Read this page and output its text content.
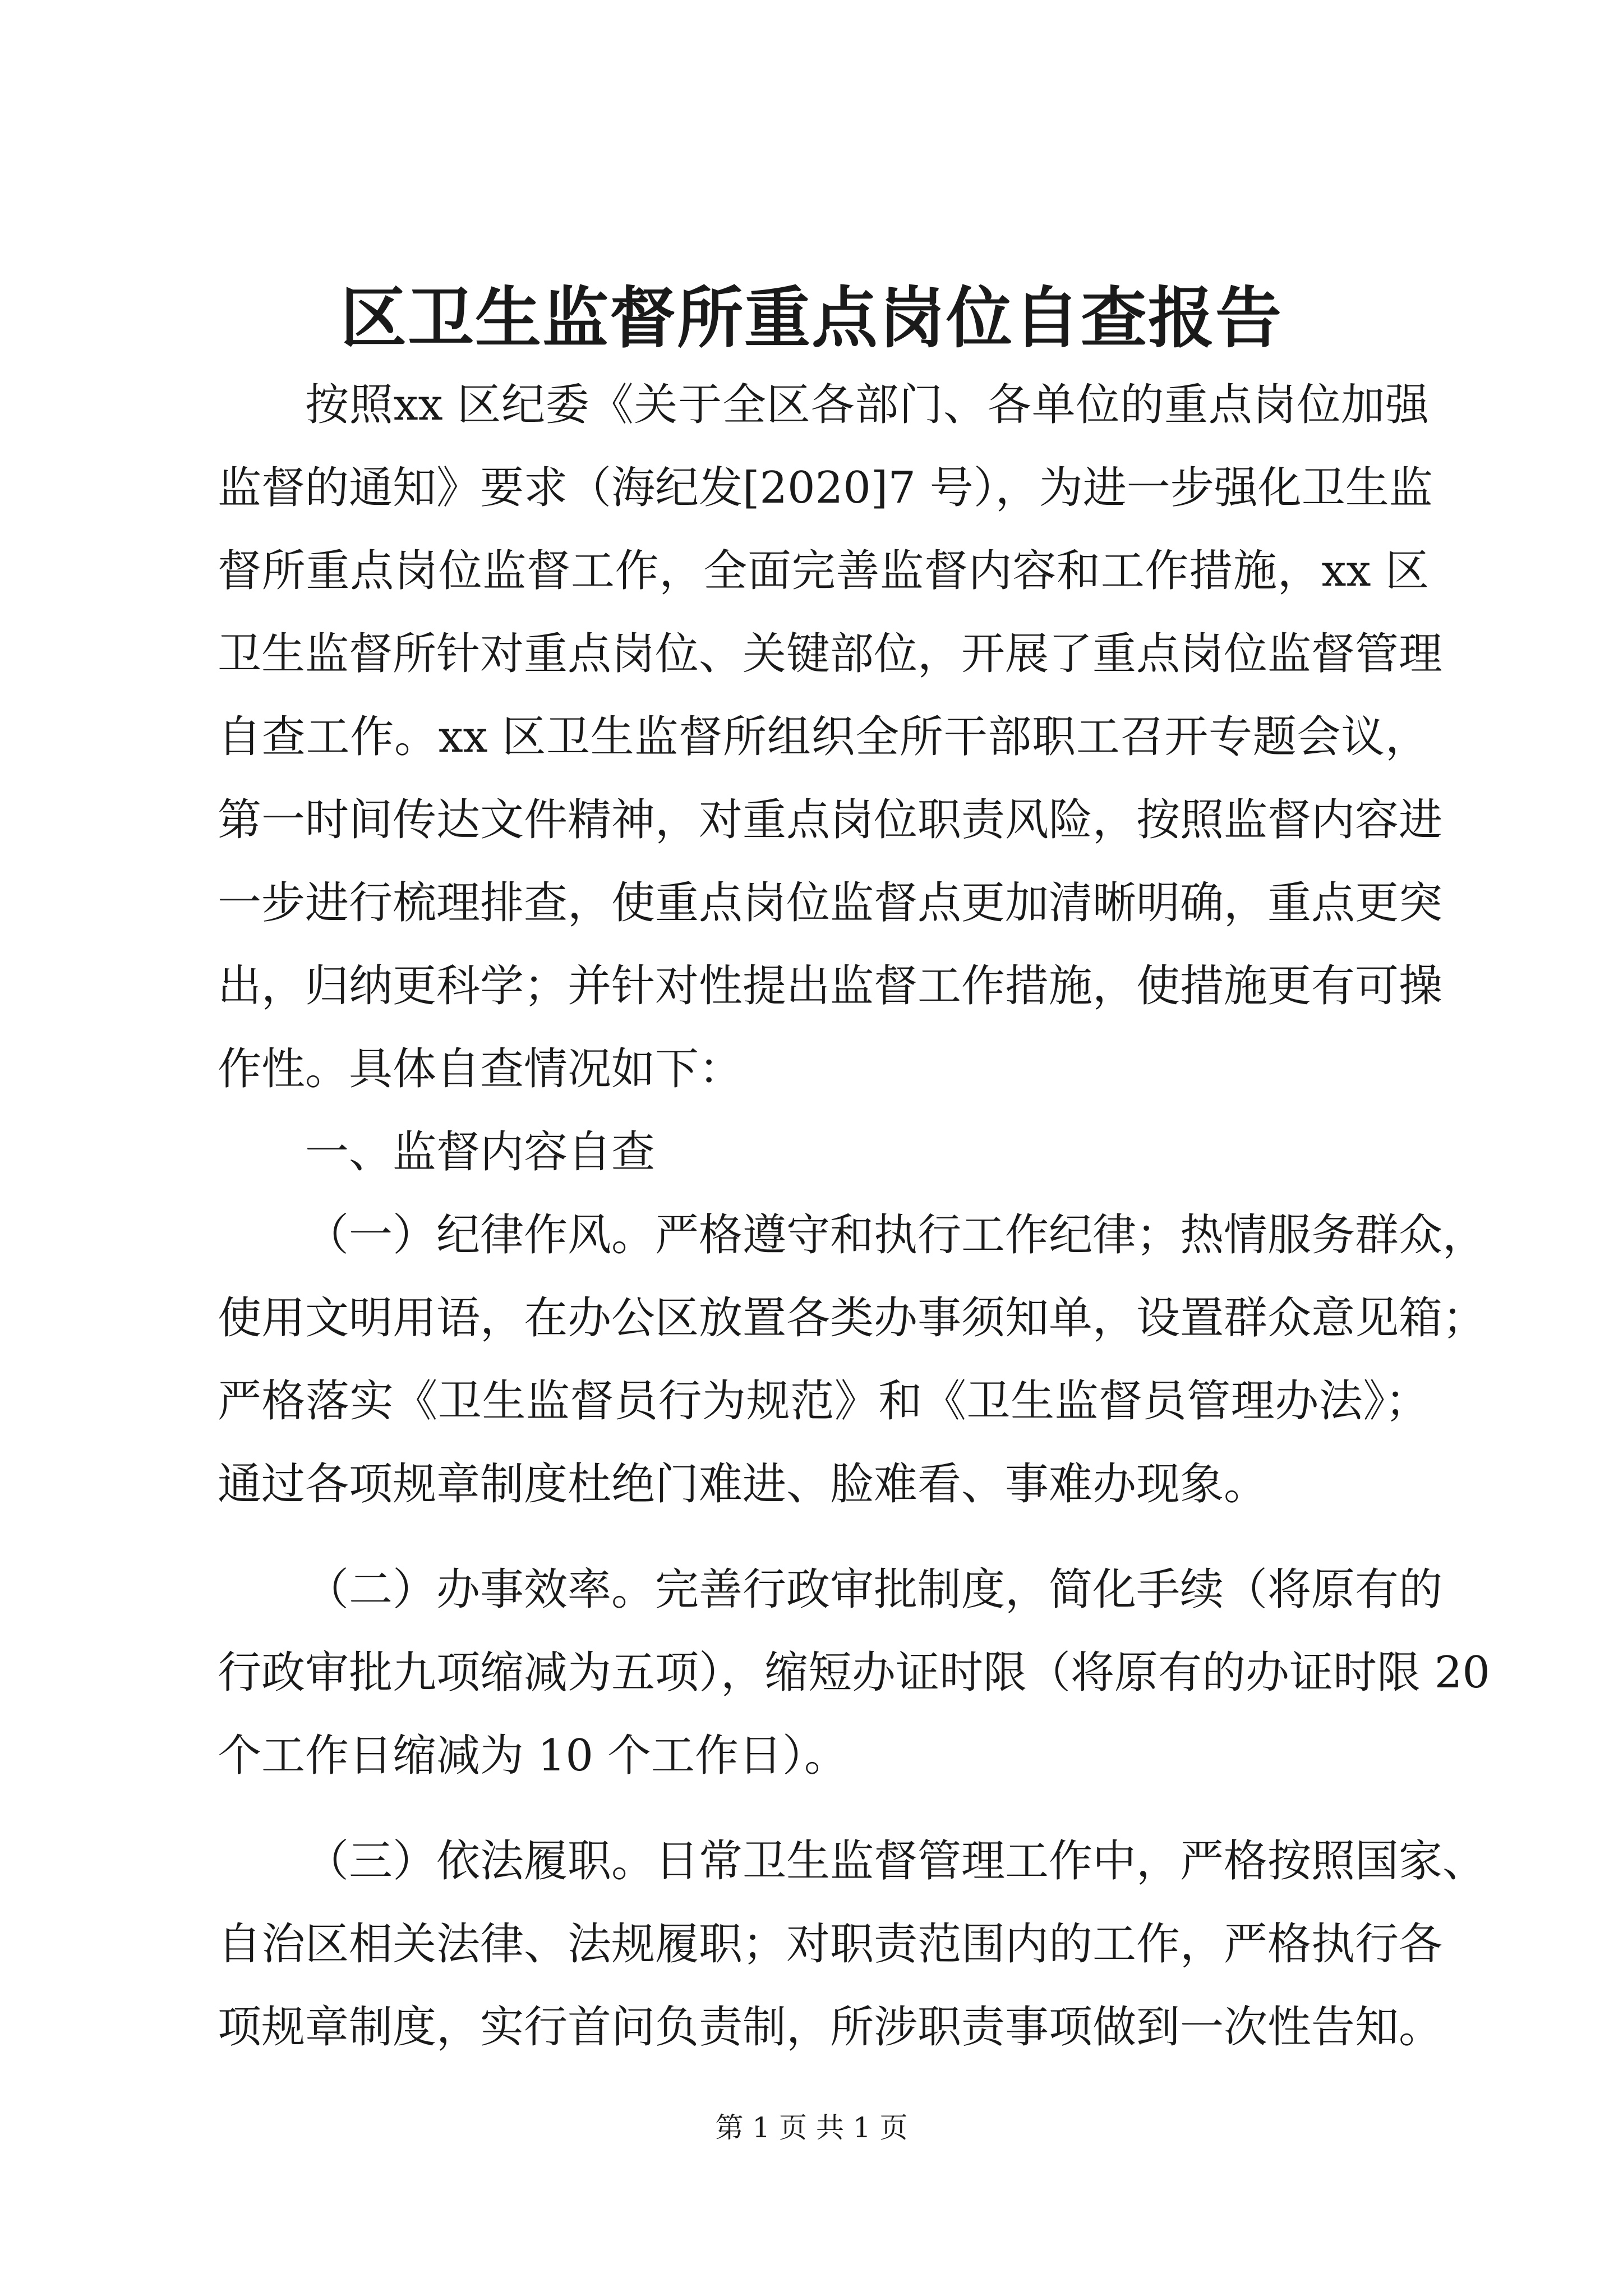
区卫生监督所重点岗位自查报告

按照xx 区纪委《关于全区各部门、各单位的重点岗位加强

监督的通知》要求（海纪发[2020]7 号），为进一步强化卫生监

督所重点岗位监督工作，全面完善监督内容和工作措施，xx 区

卫生监督所针对重点岗位、关键部位，开展了重点岗位监督管理

自查工作。xx 区卫生监督所组织全所干部职工召开专题会议，

第一时间传达文件精神，对重点岗位职责风险，按照监督内容进

一步进行梳理排查，使重点岗位监督点更加清晰明确，重点更突

出，归纳更科学；并针对性提出监督工作措施，使措施更有可操

作性。具体自查情况如下：

一、监督内容自查

（一）纪律作风。严格遵守和执行工作纪律；热情服务群众，

使用文明用语，在办公区放置各类办事须知单，设置群众意见箱；

严格落实《卫生监督员行为规范》和《卫生监督员管理办法》；

通过各项规章制度杜绝门难进、脸难看、事难办现象。

（二）办事效率。完善行政审批制度，简化手续（将原有的

行政审批九项缩减为五项），缩短办证时限（将原有的办证时限 20

个工作日缩减为 10 个工作日）。

（三）依法履职。日常卫生监督管理工作中，严格按照国家、

自治区相关法律、法规履职；对职责范围内的工作，严格执行各

项规章制度，实行首问负责制，所涉职责事项做到一次性告知。

第 1 页 共 1 页
